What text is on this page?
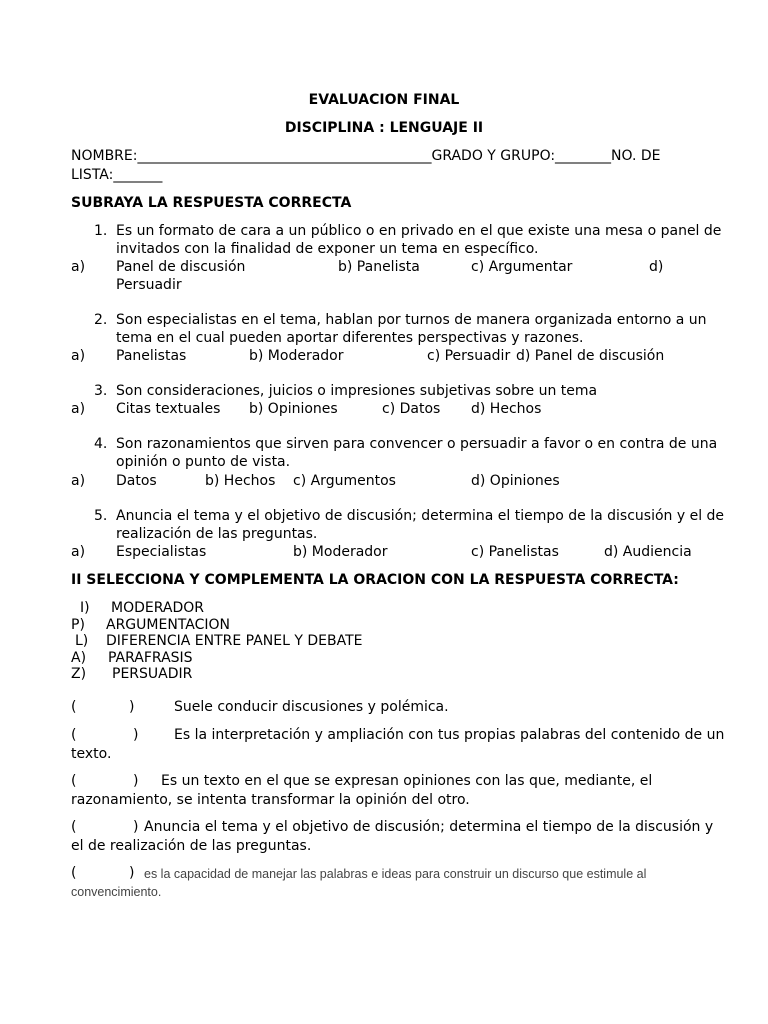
EVALUACION FINAL
DISCIPLINA : LENGUAJE II
NOMBRE:__________________________________________GRADO Y GRUPO:________NO. DE
LISTA:_______
SUBRAYA LA RESPUESTA CORRECTA
1. Es un formato de cara a un público o en privado en el que existe una mesa o panel de
invitados con la finalidad de exponer un tema en específico.
a) Panel de discusión	b) Panelista	c) Argumentar	d)
Persuadir
2. Son especialistas en el tema, hablan por turnos de manera organizada entorno a un
tema en el cual pueden aportar diferentes perspectivas y razones.
a) Panelistas	b) Moderador	c) Persuadir d) Panel de discusión
3. Son consideraciones, juicios o impresiones subjetivas sobre un tema
a) Citas textuales b) Opiniones	c) Datos d) Hechos
4. Son razonamientos que sirven para convencer o persuadir a favor o en contra de una
opinión o punto de vista.
a) Datos	b) Hechos c) Argumentos	d) Opiniones
5. Anuncia el tema y el objetivo de discusión; determina el tiempo de la discusión y el de
realización de las preguntas.
a) Especialistas	b) Moderador	c) Panelistas	d) Audiencia
II SELECCIONA Y COMPLEMENTA LA ORACION CON LA RESPUESTA CORRECTA:
I) MODERADOR
P) ARGUMENTACION
L) DIFERENCIA ENTRE PANEL Y DEBATE
A) PARAFRASIS
Z) PERSUADIR
(	)	Suele conducir discusiones y polémica.
(	)	Es la interpretación y ampliación con tus propias palabras del contenido de un
texto.
(	) Es un texto en el que se expresan opiniones con las que, mediante, el
razonamiento, se intenta transformar la opinión del otro.
(	) Anuncia el tema y el objetivo de discusión; determina el tiempo de la discusión y
el de realización de las preguntas.
(	) es la capacidad de manejar las palabras e ideas para construir un discurso que estimule al
convencimiento.
